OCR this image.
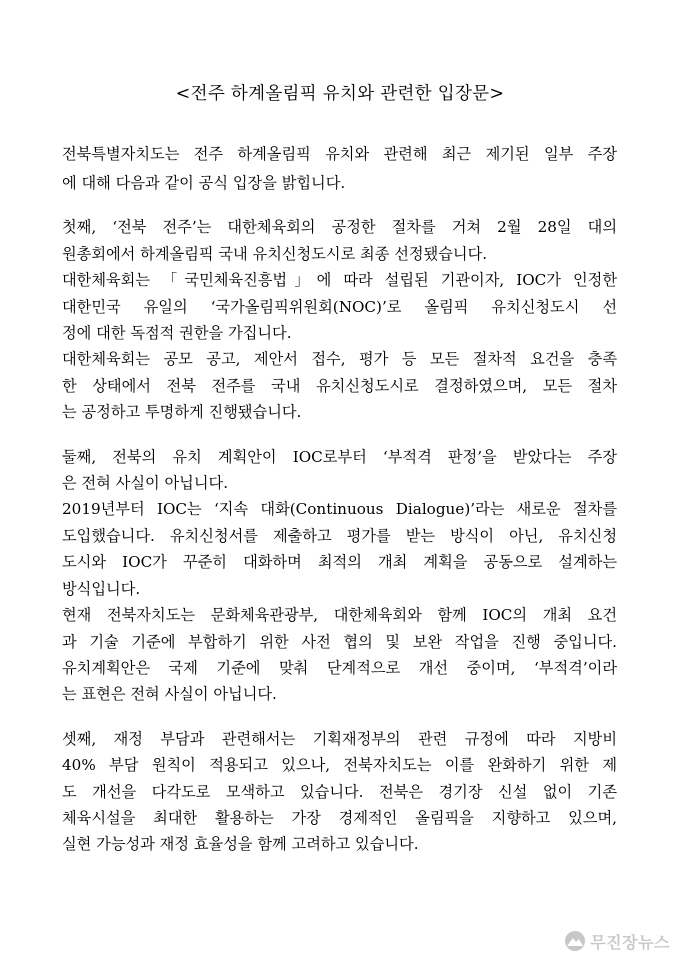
<전주 하계올림픽 유치와 관련한 입장문>
전북특별자치도는 전주 하계올림픽 유치와 관련해 최근 제기된 일부 주장
에 대해 다음과 같이 공식 입장을 밝힙니다.
첫째, ‘전북 전주’는 대한체육회의 공정한 절차를 거쳐 2월 28일 대의
원총회에서 하계올림픽 국내 유치신청도시로 최종 선정됐습니다.
대한체육회는 「국민체육진흥법」에 따라 설립된 기관이자, IOC가 인정한
대한민국 유일의 ‘국가올림픽위원회(NOC)’로 올림픽 유치신청도시 선
정에 대한 독점적 권한을 가집니다.
대한체육회는 공모 공고, 제안서 접수, 평가 등 모든 절차적 요건을 충족
한 상태에서 전북 전주를 국내 유치신청도시로 결정하였으며, 모든 절차
는 공정하고 투명하게 진행됐습니다.
둘째, 전북의 유치 계획안이 IOC로부터 ‘부적격 판정’을 받았다는 주장
은 전혀 사실이 아닙니다.
2019년부터 IOC는 ‘지속 대화(Continuous Dialogue)’라는 새로운 절차를
도입했습니다. 유치신청서를 제출하고 평가를 받는 방식이 아닌, 유치신청
도시와 IOC가 꾸준히 대화하며 최적의 개최 계획을 공동으로 설계하는
방식입니다.
현재 전북자치도는 문화체육관광부, 대한체육회와 함께 IOC의 개최 요건
과 기술 기준에 부합하기 위한 사전 협의 및 보완 작업을 진행 중입니다.
유치계획안은 국제 기준에 맞춰 단계적으로 개선 중이며, ‘부적격’이라
는 표현은 전혀 사실이 아닙니다.
셋째, 재정 부담과 관련해서는 기획재정부의 관련 규정에 따라 지방비
40% 부담 원칙이 적용되고 있으나, 전북자치도는 이를 완화하기 위한 제
도 개선을 다각도로 모색하고 있습니다. 전북은 경기장 신설 없이 기존
체육시설을 최대한 활용하는 가장 경제적인 올림픽을 지향하고 있으며,
실현 가능성과 재정 효율성을 함께 고려하고 있습니다.
무진장뉴스
